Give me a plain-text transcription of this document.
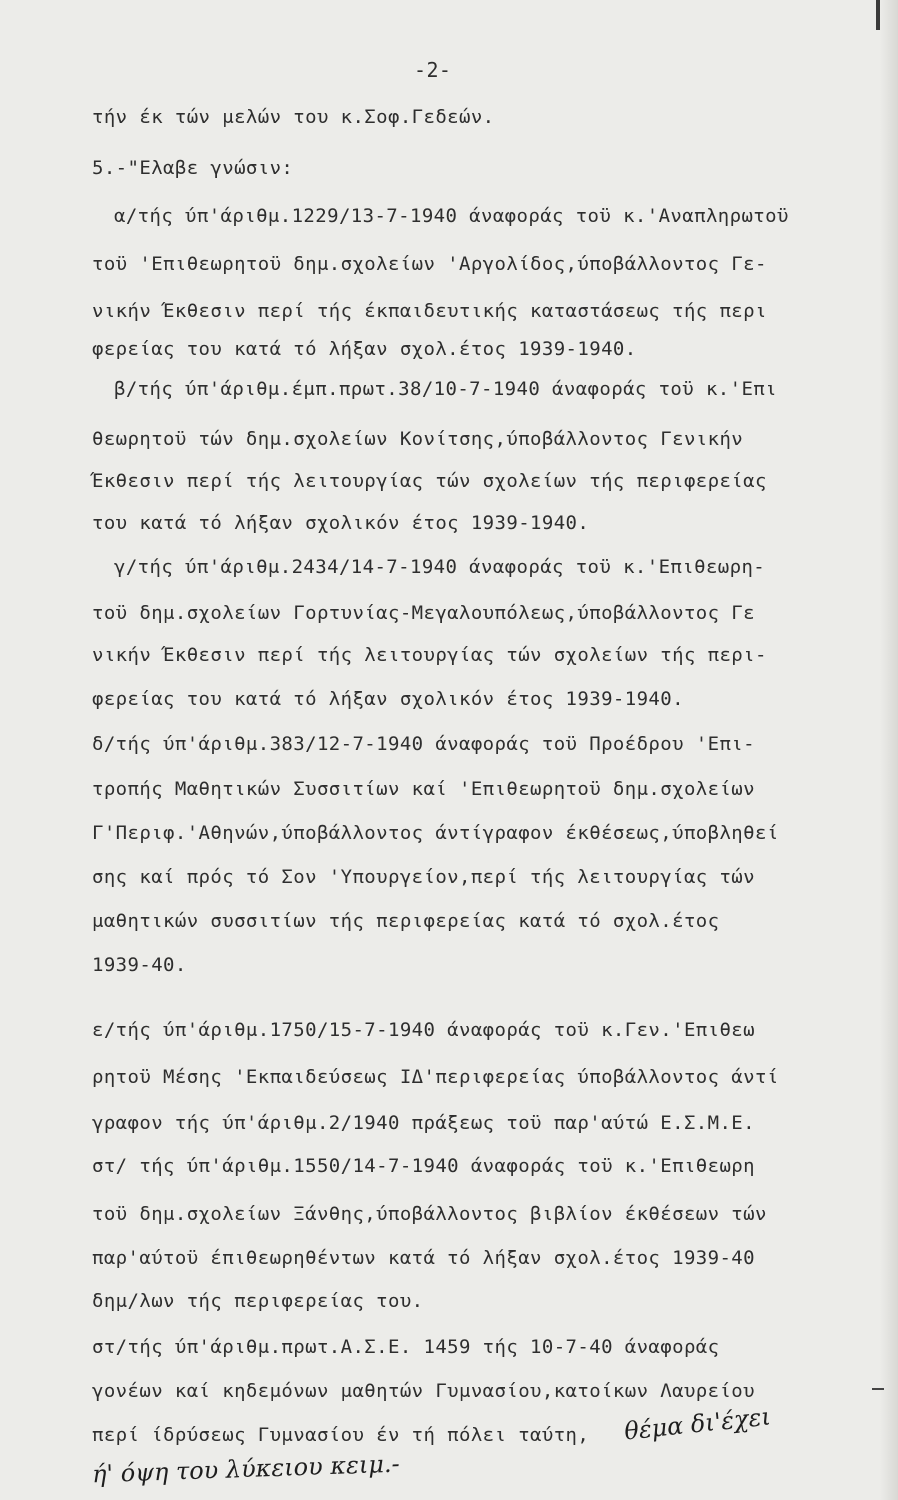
-2-
τήν έκ τών μελών του κ.Σοφ.Γεδεών.
5.-"Ελαβε γνώσιν:
α/τής ύπ'άριθμ.1229/13-7-1940 άναφοράς τοϋ κ.'Αναπληρωτοϋ
τοϋ 'Επιθεωρητοϋ δημ.σχολείων 'Αργολίδος,ύποβάλλοντος Γε-
νικήν Έκθεσιν περί τής έκπαιδευτικής καταστάσεως τής περι
φερείας του κατά τό λήξαν σχολ.έτος 1939-1940.
β/τής ύπ'άριθμ.έμπ.πρωτ.38/10-7-1940 άναφοράς τοϋ κ.'Επι
θεωρητοϋ τών δημ.σχολείων Κονίτσης,ύποβάλλοντος Γενικήν
Έκθεσιν περί τής λειτουργίας τών σχολείων τής περιφερείας
του κατά τό λήξαν σχολικόν έτος 1939-1940.
γ/τής ύπ'άριθμ.2434/14-7-1940 άναφοράς τοϋ κ.'Επιθεωρη-
τοϋ δημ.σχολείων Γορτυνίας-Μεγαλουπόλεως,ύποβάλλοντος Γε
νικήν Έκθεσιν περί τής λειτουργίας τών σχολείων τής περι-
φερείας του κατά τό λήξαν σχολικόν έτος 1939-1940.
δ/τής ύπ'άριθμ.383/12-7-1940 άναφοράς τοϋ Προέδρου 'Επι-
τροπής Μαθητικών Συσσιτίων καί 'Επιθεωρητοϋ δημ.σχολείων
Γ'Περιφ.'Αθηνών,ύποβάλλοντος άντίγραφον έκθέσεως,ύποβληθεί
σης καί πρός τό Σον 'Υπουργείον,περί τής λειτουργίας τών
μαθητικών συσσιτίων τής περιφερείας κατά τό σχολ.έτος
1939-40.
ε/τής ύπ'άριθμ.1750/15-7-1940 άναφοράς τοϋ κ.Γεν.'Επιθεω
ρητοϋ Μέσης 'Εκπαιδεύσεως ΙΔ'περιφερείας ύποβάλλοντος άντί
γραφον τής ύπ'άριθμ.2/1940 πράξεως τοϋ παρ'αύτώ Ε.Σ.Μ.Ε.
στ/ τής ύπ'άριθμ.1550/14-7-1940 άναφοράς τοϋ κ.'Επιθεωρη
τοϋ δημ.σχολείων Ξάνθης,ύποβάλλοντος βιβλίον έκθέσεων τών
παρ'αύτοϋ έπιθεωρηθέντων κατά τό λήξαν σχολ.έτος 1939-40
δημ/λων τής περιφερείας του.
στ/τής ύπ'άριθμ.πρωτ.Α.Σ.Ε. 1459 τής 10-7-40 άναφοράς
γονέων καί κηδεμόνων μαθητών Γυμνασίου,κατοίκων Λαυρείου
περί ίδρύσεως Γυμνασίου έν τή πόλει ταύτη, θέμα δι'έχει
ή' όψη του λύκειου κειμ.-
